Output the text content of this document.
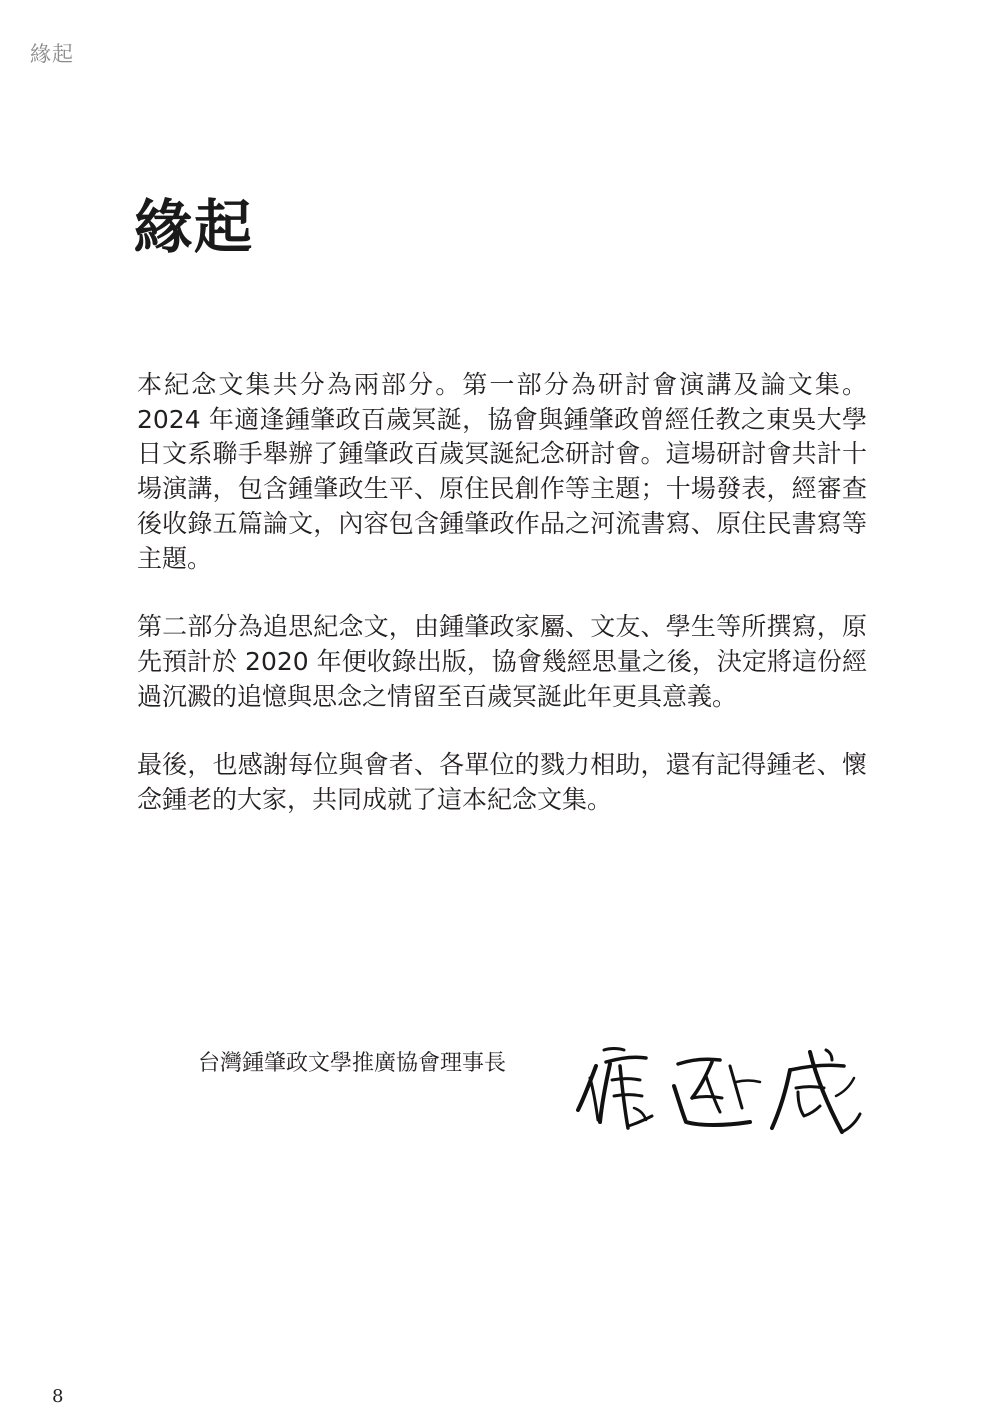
緣起
緣起

本紀念文集共分為兩部分。第一部分為研討會演講及論文集。2024 年適逢鍾肇政百歲冥誕，協會與鍾肇政曾經任教之東吳大學日文系聯手舉辦了鍾肇政百歲冥誕紀念研討會。這場研討會共計十場演講，包含鍾肇政生平、原住民創作等主題；十場發表，經審查後收錄五篇論文，內容包含鍾肇政作品之河流書寫、原住民書寫等主題。

第二部分為追思紀念文，由鍾肇政家屬、文友、學生等所撰寫，原先預計於 2020 年便收錄出版，協會幾經思量之後，決定將這份經過沉澱的追憶與思念之情留至百歲冥誕此年更具意義。

最後，也感謝每位與會者、各單位的戮力相助，還有記得鍾老、懷念鍾老的大家，共同成就了這本紀念文集。

台灣鍾肇政文學推廣協會理事長
8
